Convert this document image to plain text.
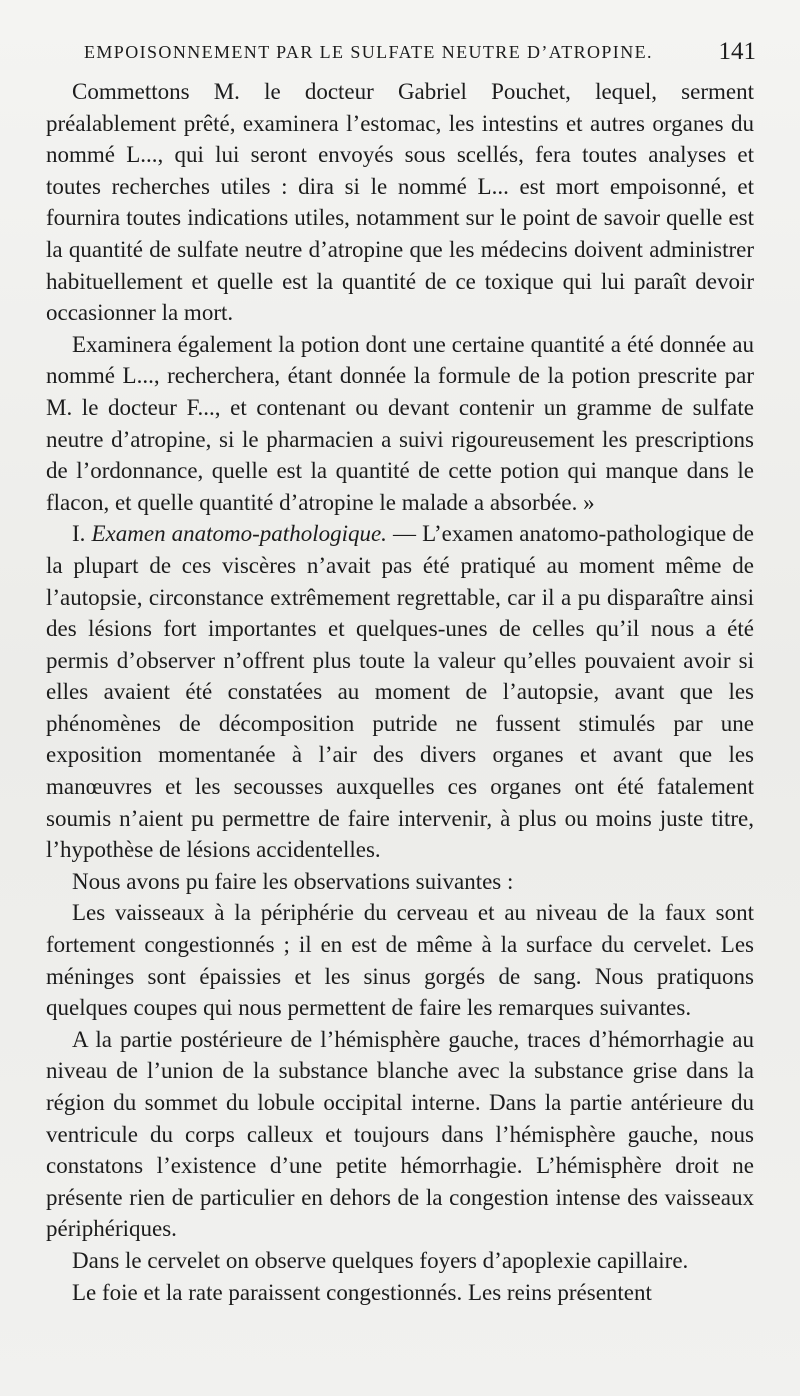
EMPOISONNEMENT PAR LE SULFATE NEUTRE D’ATROPINE.	141

Commettons M. le docteur Gabriel Pouchet, lequel, serment préalablement prêté, examinera l’estomac, les intestins et autres organes du nommé L..., qui lui seront envoyés sous scellés, fera toutes analyses et toutes recherches utiles : dira si le nommé L... est mort empoisonné, et fournira toutes indications utiles, notamment sur le point de savoir quelle est la quantité de sulfate neutre d’atropine que les médecins doivent administrer habituellement et quelle est la quantité de ce toxique qui lui paraît devoir occasionner la mort.

Examinera également la potion dont une certaine quantité a été donnée au nommé L..., recherchera, étant donnée la formule de la potion prescrite par M. le docteur F..., et contenant ou devant contenir un gramme de sulfate neutre d’atropine, si le pharmacien a suivi rigoureusement les prescriptions de l’ordonnance, quelle est la quantité de cette potion qui manque dans le flacon, et quelle quantité d’atropine le malade a absorbée. »

I. Examen anatomo-pathologique. — L’examen anatomo-pathologique de la plupart de ces viscères n’avait pas été pratiqué au moment même de l’autopsie, circonstance extrêmement regrettable, car il a pu disparaître ainsi des lésions fort importantes et quelques-unes de celles qu’il nous a été permis d’observer n’offrent plus toute la valeur qu’elles pouvaient avoir si elles avaient été constatées au moment de l’autopsie, avant que les phénomènes de décomposition putride ne fussent stimulés par une exposition momentanée à l’air des divers organes et avant que les manœuvres et les secousses auxquelles ces organes ont été fatalement soumis n’aient pu permettre de faire intervenir, à plus ou moins juste titre, l’hypothèse de lésions accidentelles.

Nous avons pu faire les observations suivantes :

Les vaisseaux à la périphérie du cerveau et au niveau de la faux sont fortement congestionnés ; il en est de même à la surface du cervelet. Les méninges sont épaissies et les sinus gorgés de sang. Nous pratiquons quelques coupes qui nous permettent de faire les remarques suivantes.

A la partie postérieure de l’hémisphère gauche, traces d’hémorrhagie au niveau de l’union de la substance blanche avec la substance grise dans la région du sommet du lobule occipital interne. Dans la partie antérieure du ventricule du corps calleux et toujours dans l’hémisphère gauche, nous constatons l’existence d’une petite hémorrhagie. L’hémisphère droit ne présente rien de particulier en dehors de la congestion intense des vaisseaux périphériques.

Dans le cervelet on observe quelques foyers d’apoplexie capillaire.

Le foie et la rate paraissent congestionnés. Les reins présentent
